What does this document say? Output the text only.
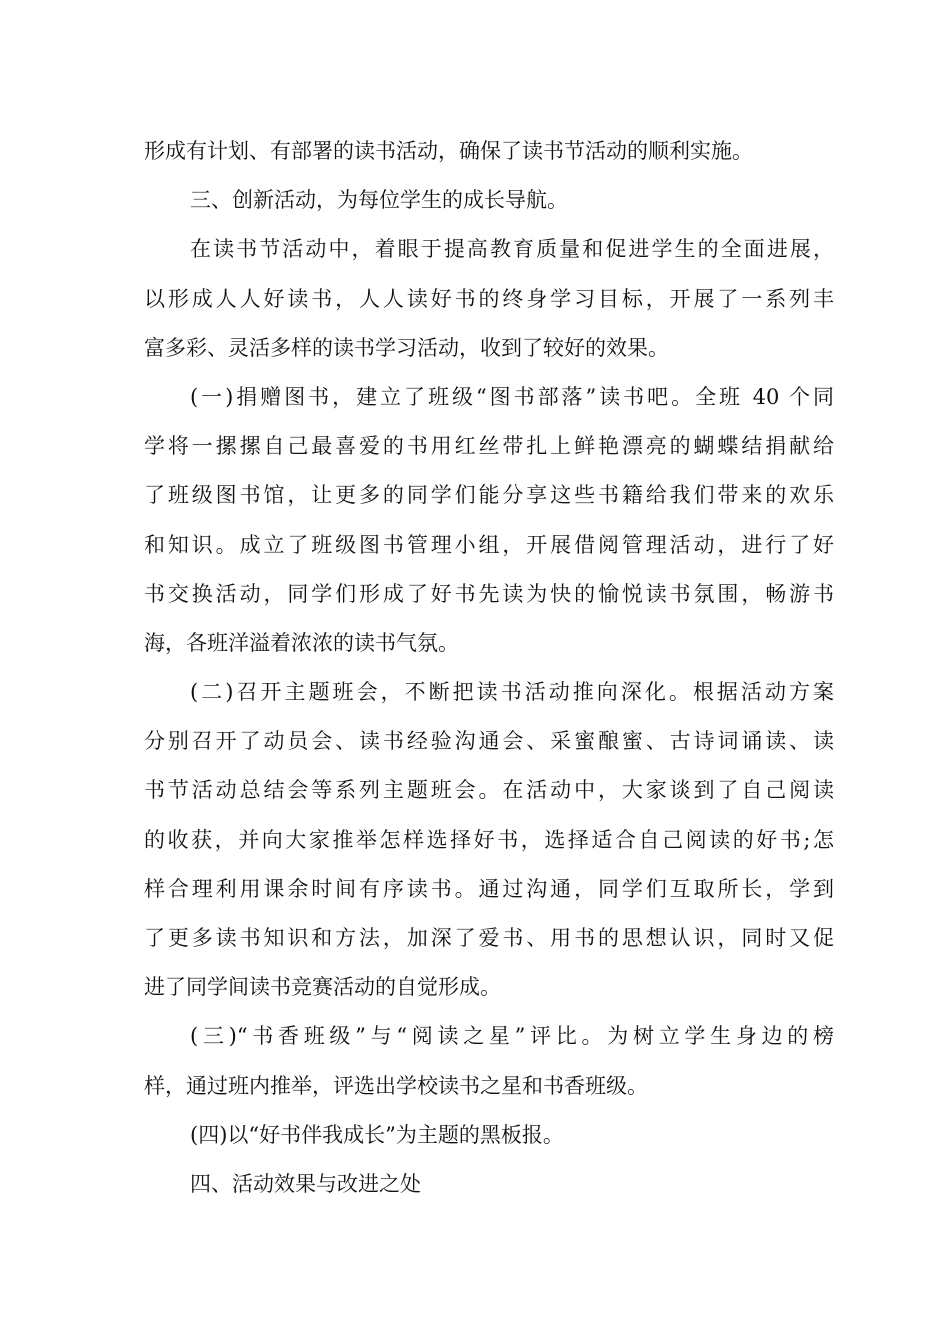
形成有计划、有部署的读书活动，确保了读书节活动的顺利实施。
三、创新活动，为每位学生的成长导航。
在读书节活动中，着眼于提高教育质量和促进学生的全面进展，
以形成人人好读书，人人读好书的终身学习目标，开展了一系列丰
富多彩、灵活多样的读书学习活动，收到了较好的效果。
(一)捐赠图书，建立了班级“图书部落”读书吧。全班 40 个同
学将一摞摞自己最喜爱的书用红丝带扎上鲜艳漂亮的蝴蝶结捐献给
了班级图书馆，让更多的同学们能分享这些书籍给我们带来的欢乐
和知识。成立了班级图书管理小组，开展借阅管理活动，进行了好
书交换活动，同学们形成了好书先读为快的愉悦读书氛围，畅游书
海，各班洋溢着浓浓的读书气氛。
(二)召开主题班会，不断把读书活动推向深化。根据活动方案
分别召开了动员会、读书经验沟通会、采蜜酿蜜、古诗词诵读、读
书节活动总结会等系列主题班会。在活动中，大家谈到了自己阅读
的收获，并向大家推举怎样选择好书，选择适合自己阅读的好书;怎
样合理利用课余时间有序读书。通过沟通，同学们互取所长，学到
了更多读书知识和方法，加深了爱书、用书的思想认识，同时又促
进了同学间读书竞赛活动的自觉形成。
(三)“书香班级”与“阅读之星”评比。为树立学生身边的榜
样，通过班内推举，评选出学校读书之星和书香班级。
(四)以“好书伴我成长”为主题的黑板报。
四、活动效果与改进之处
